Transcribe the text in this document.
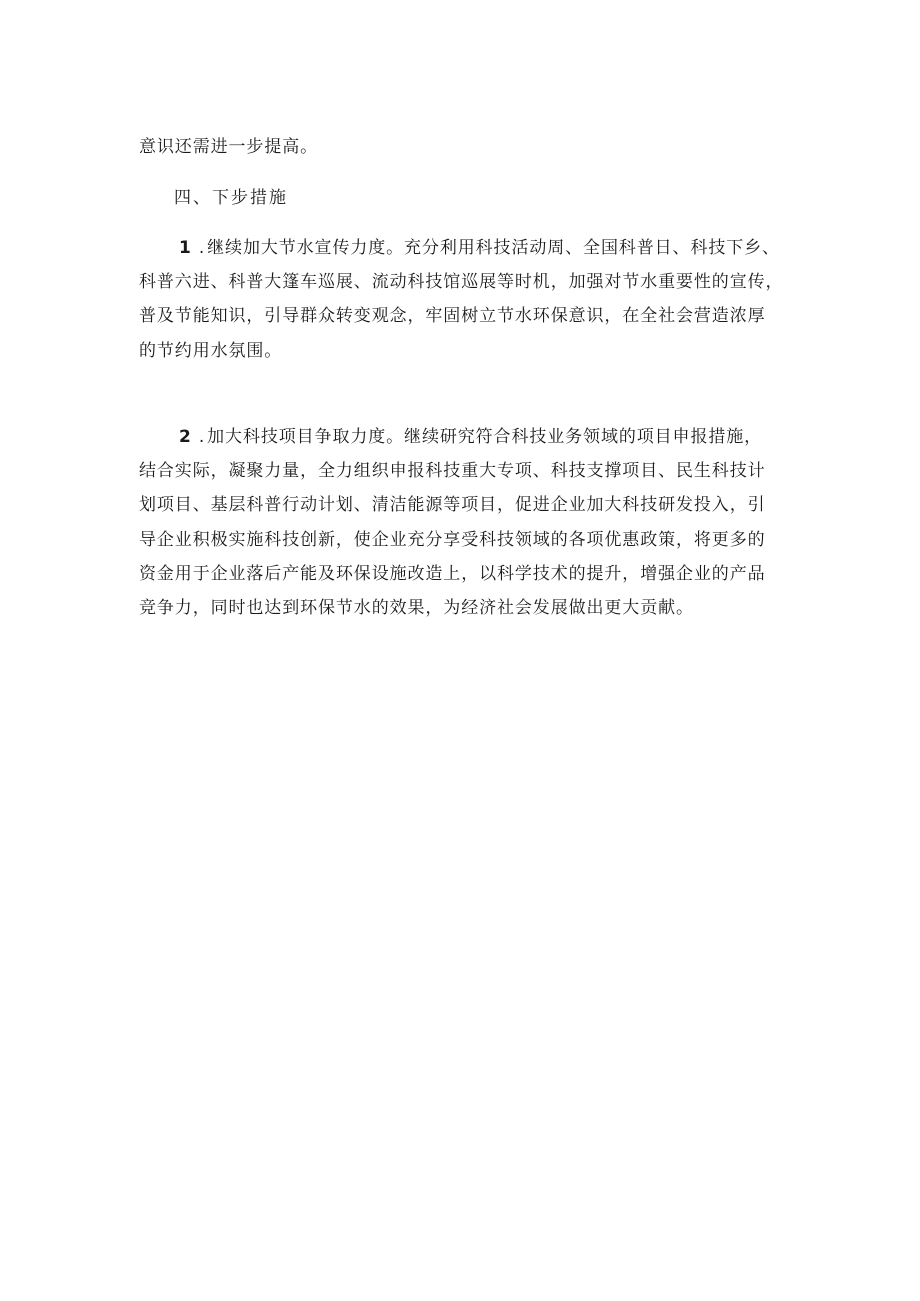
意识还需进一步提高。
四、下步措施
1 . 继续加大节水宣传力度。充分利用科技活动周、全国科普日、科技下乡、
科普六进、科普大篷车巡展、流动科技馆巡展等时机，加强对节水重要性的宣传，
普及节能知识，引导群众转变观念，牢固树立节水环保意识，在全社会营造浓厚
的节约用水氛围。
2 . 加大科技项目争取力度。继续研究符合科技业务领域的项目申报措施，
结合实际，凝聚力量，全力组织申报科技重大专项、科技支撑项目、民生科技计
划项目、基层科普行动计划、清洁能源等项目，促进企业加大科技研发投入，引
导企业积极实施科技创新，使企业充分享受科技领域的各项优惠政策，将更多的
资金用于企业落后产能及环保设施改造上，以科学技术的提升，增强企业的产品
竞争力，同时也达到环保节水的效果，为经济社会发展做出更大贡献。
